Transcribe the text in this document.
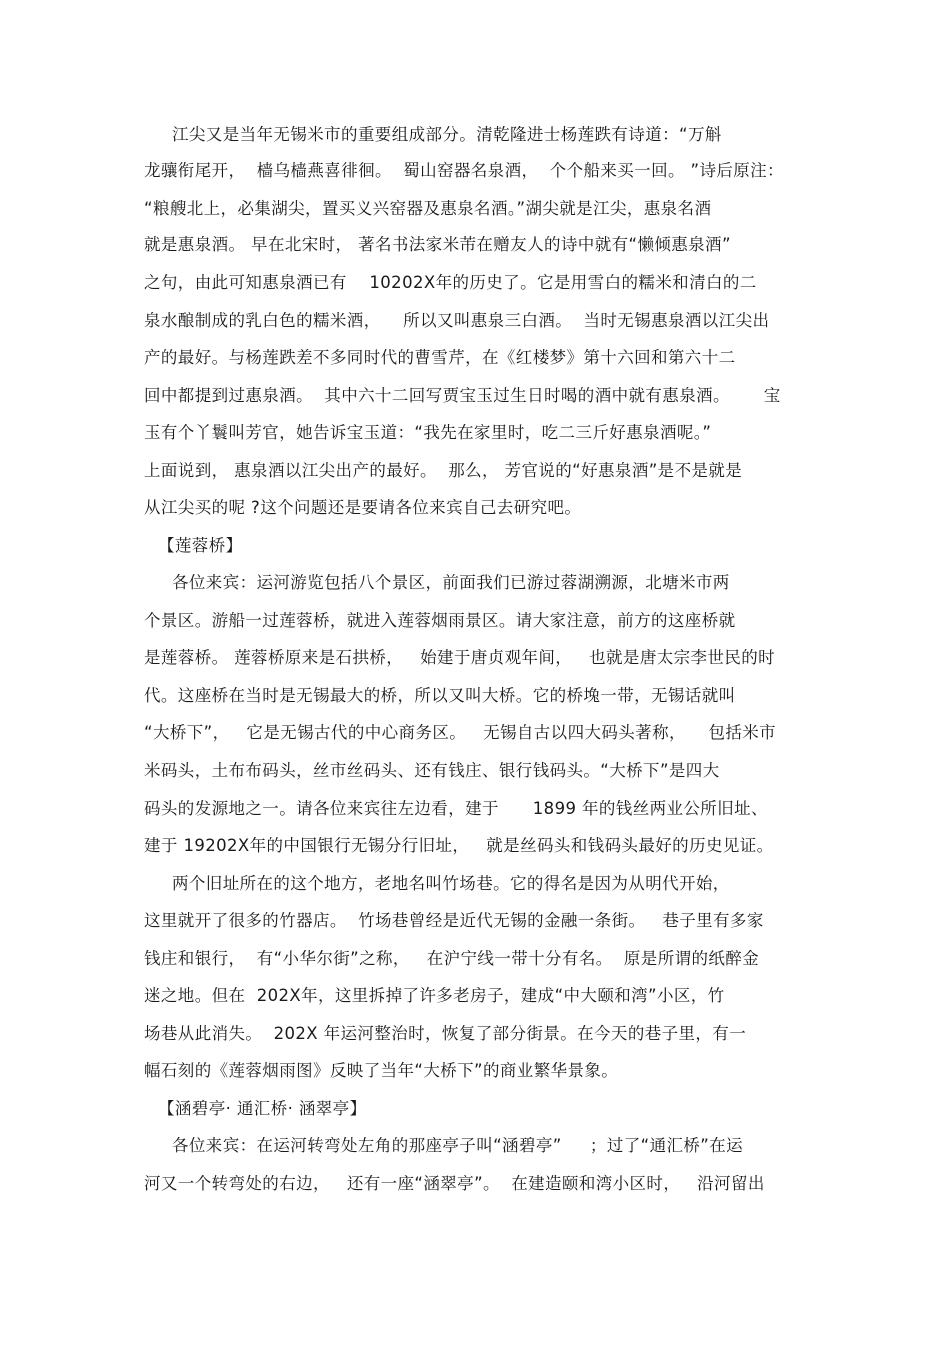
江尖又是当年无锡米市的重要组成部分。清乾隆进士杨莲跌有诗道：“万斛
龙骧衔尾开，  樯乌樯燕喜徘徊。  蜀山窑器名泉酒，  个个船来买一回。 ”诗后原注：
“粮艘北上，必集湖尖，置买义兴窑器及惠泉名酒。”湖尖就是江尖，惠泉名酒
就是惠泉酒。 早在北宋时， 著名书法家米芾在赠友人的诗中就有“懒倾惠泉酒”
之句，由此可知惠泉酒已有    10202X年的历史了。它是用雪白的糯米和清白的二
泉水酿制成的乳白色的糯米酒，    所以又叫惠泉三白酒。  当时无锡惠泉酒以江尖出
产的最好。与杨莲跌差不多同时代的曹雪芹，在《红楼梦》第十六回和第六十二
回中都提到过惠泉酒。  其中六十二回写贾宝玉过生日时喝的酒中就有惠泉酒。      宝
玉有个丫鬟叫芳官，她告诉宝玉道：“我先在家里时，吃二三斤好惠泉酒呢。”
上面说到， 惠泉酒以江尖出产的最好。  那么， 芳官说的“好惠泉酒”是不是就是
从江尖买的呢 ?这个问题还是要请各位来宾自己去研究吧。
【莲蓉桥】
各位来宾：运河游览包括八个景区，前面我们已游过蓉湖溯源，北塘米市两
个景区。游船一过莲蓉桥，就进入莲蓉烟雨景区。请大家注意，前方的这座桥就
是莲蓉桥。 莲蓉桥原来是石拱桥，   始建于唐贞观年间，   也就是唐太宗李世民的时
代。这座桥在当时是无锡最大的桥，所以又叫大桥。它的桥堍一带，无锡话就叫
“大桥下”，   它是无锡古代的中心商务区。   无锡自古以四大码头著称，    包括米市
米码头，土布布码头，丝市丝码头、还有钱庄、银行钱码头。“大桥下”是四大
码头的发源地之一。请各位来宾往左边看，建于      1899 年的钱丝两业公所旧址、
建于 19202X年的中国银行无锡分行旧址，   就是丝码头和钱码头最好的历史见证。
两个旧址所在的这个地方，老地名叫竹场巷。它的得名是因为从明代开始，
这里就开了很多的竹器店。  竹场巷曾经是近代无锡的金融一条街。   巷子里有多家
钱庄和银行，  有“小华尔街”之称，   在沪宁线一带十分有名。  原是所谓的纸醉金
迷之地。但在  202X年，这里拆掉了许多老房子，建成“中大颐和湾”小区，竹
场巷从此消失。  202X 年运河整治时，恢复了部分街景。在今天的巷子里，有一
幅石刻的《莲蓉烟雨图》反映了当年“大桥下”的商业繁华景象。
【涵碧亭· 通汇桥· 涵翠亭】
各位来宾：在运河转弯处左角的那座亭子叫“涵碧亭”     ；过了“通汇桥”在运
河又一个转弯处的右边，   还有一座“涵翠亭”。  在建造颐和湾小区时，   沿河留出
